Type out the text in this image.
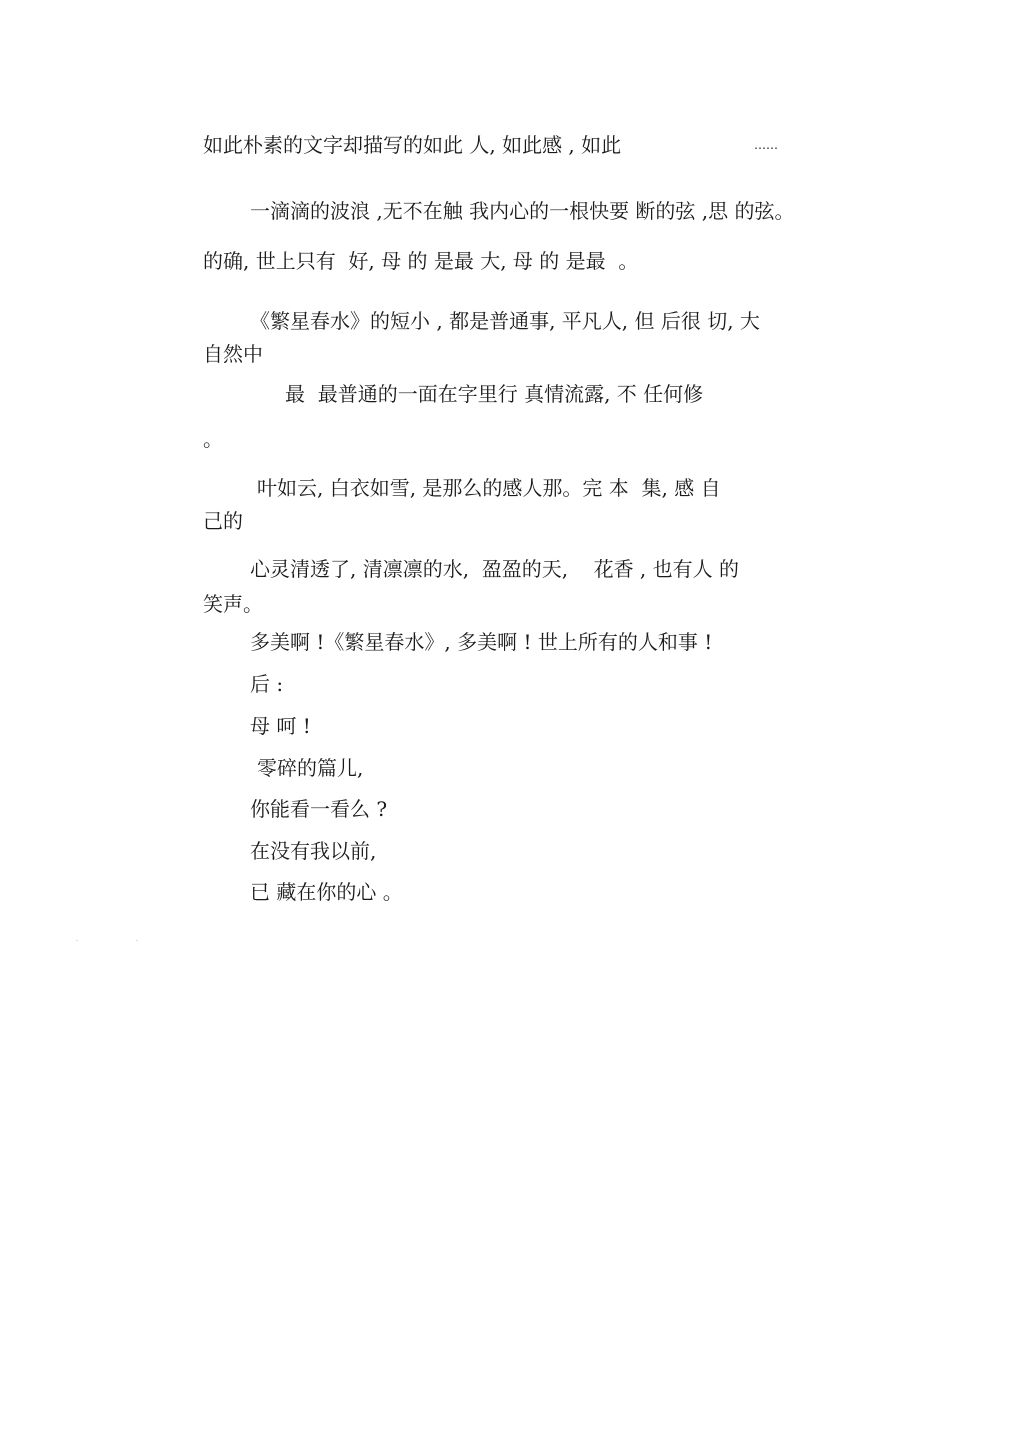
如此朴素的文字却描写的如此 人, 如此感 , 如此	……
一滴滴的波浪 ,无不在触 我内心的一根快要 断的弦 ,思 的弦。
的确, 世上只有  好, 母 的 是最 大, 母 的 是最  。
《繁星春水》的短小 , 都是普通事, 平凡人, 但 后很 切, 大
自然中
最  最普通的一面在字里行 真情流露, 不 任何修
。
叶如云, 白衣如雪, 是那么的感人那。完 本  集, 感 自
己的
心灵清透了, 清凛凛的水,  盈盈的天,    花香 , 也有人 的
笑声。
多美啊 !《繁星春水》, 多美啊 ! 世上所有的人和事 !
后 :
母 呵 !
零碎的篇儿,
你能看一看么 ?
在没有我以前,
已 藏在你的心 。
